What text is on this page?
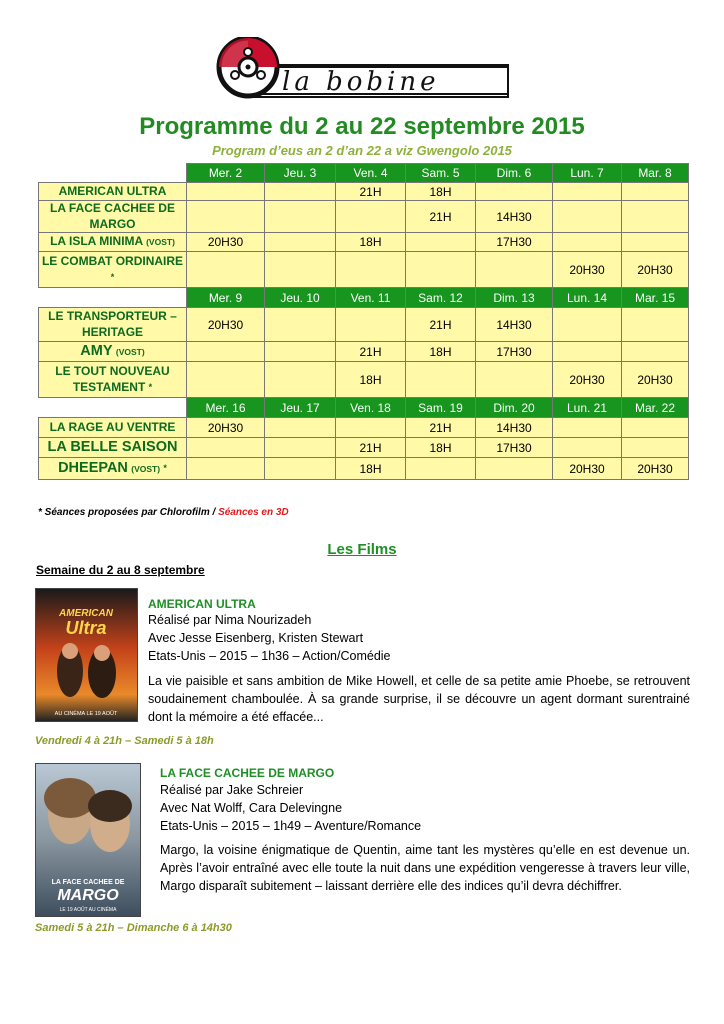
la bobine
Programme du 2 au 22 septembre 2015
Program d’eus an 2 d’an 22 a viz Gwengolo 2015
	Mer. 2	Jeu. 3	Ven. 4	Sam. 5	Dim. 6	Lun. 7	Mar. 8
AMERICAN ULTRA			21H	18H			
LA FACE CACHEE DE MARGO				21H	14H30		
LA ISLA MINIMA (VOST)	20H30		18H		17H30		
LE COMBAT ORDINAIRE *						20H30	20H30
	Mer. 9	Jeu. 10	Ven. 11	Sam. 12	Dim. 13	Lun. 14	Mar. 15
LE TRANSPORTEUR – HERITAGE	20H30			21H	14H30		
AMY (VOST)			21H	18H	17H30		
LE TOUT NOUVEAU TESTAMENT *			18H			20H30	20H30
	Mer. 16	Jeu. 17	Ven. 18	Sam. 19	Dim. 20	Lun. 21	Mar. 22
LA RAGE AU VENTRE	20H30			21H	14H30		
LA BELLE SAISON			21H	18H	17H30		
DHEEPAN (VOST) *			18H			20H30	20H30
* Séances proposées par Chlorofilm / Séances en 3D
Les Films
Semaine du 2 au 8 septembre
AMERICAN
Ultra
AU CINÉMA LE 19 AOÛT
AMERICAN ULTRA
Réalisé par Nima Nourizadeh
Avec Jesse Eisenberg, Kristen Stewart
Etats-Unis – 2015 – 1h36 – Action/Comédie
La vie paisible et sans ambition de Mike Howell, et celle de sa petite amie Phoebe, se retrouvent soudainement chamboulée. À sa grande surprise, il se découvre un agent dormant surentrainé dont la mémoire a été effacée...
Vendredi 4 à 21h – Samedi 5 à 18h
LA FACE CACHEE DE
MARGO
LE 19 AOÛT AU CINÉMA
LA FACE CACHEE DE MARGO
Réalisé par Jake Schreier
Avec Nat Wolff, Cara Delevingne
Etats-Unis – 2015 – 1h49 – Aventure/Romance
Margo, la voisine énigmatique de Quentin, aime tant les mystères qu’elle en est devenue un. Après l’avoir entraîné avec elle toute la nuit dans une expédition vengeresse à travers leur ville, Margo disparaît subitement – laissant derrière elle des indices qu’il devra déchiffrer.
Samedi 5 à 21h – Dimanche 6 à 14h30
